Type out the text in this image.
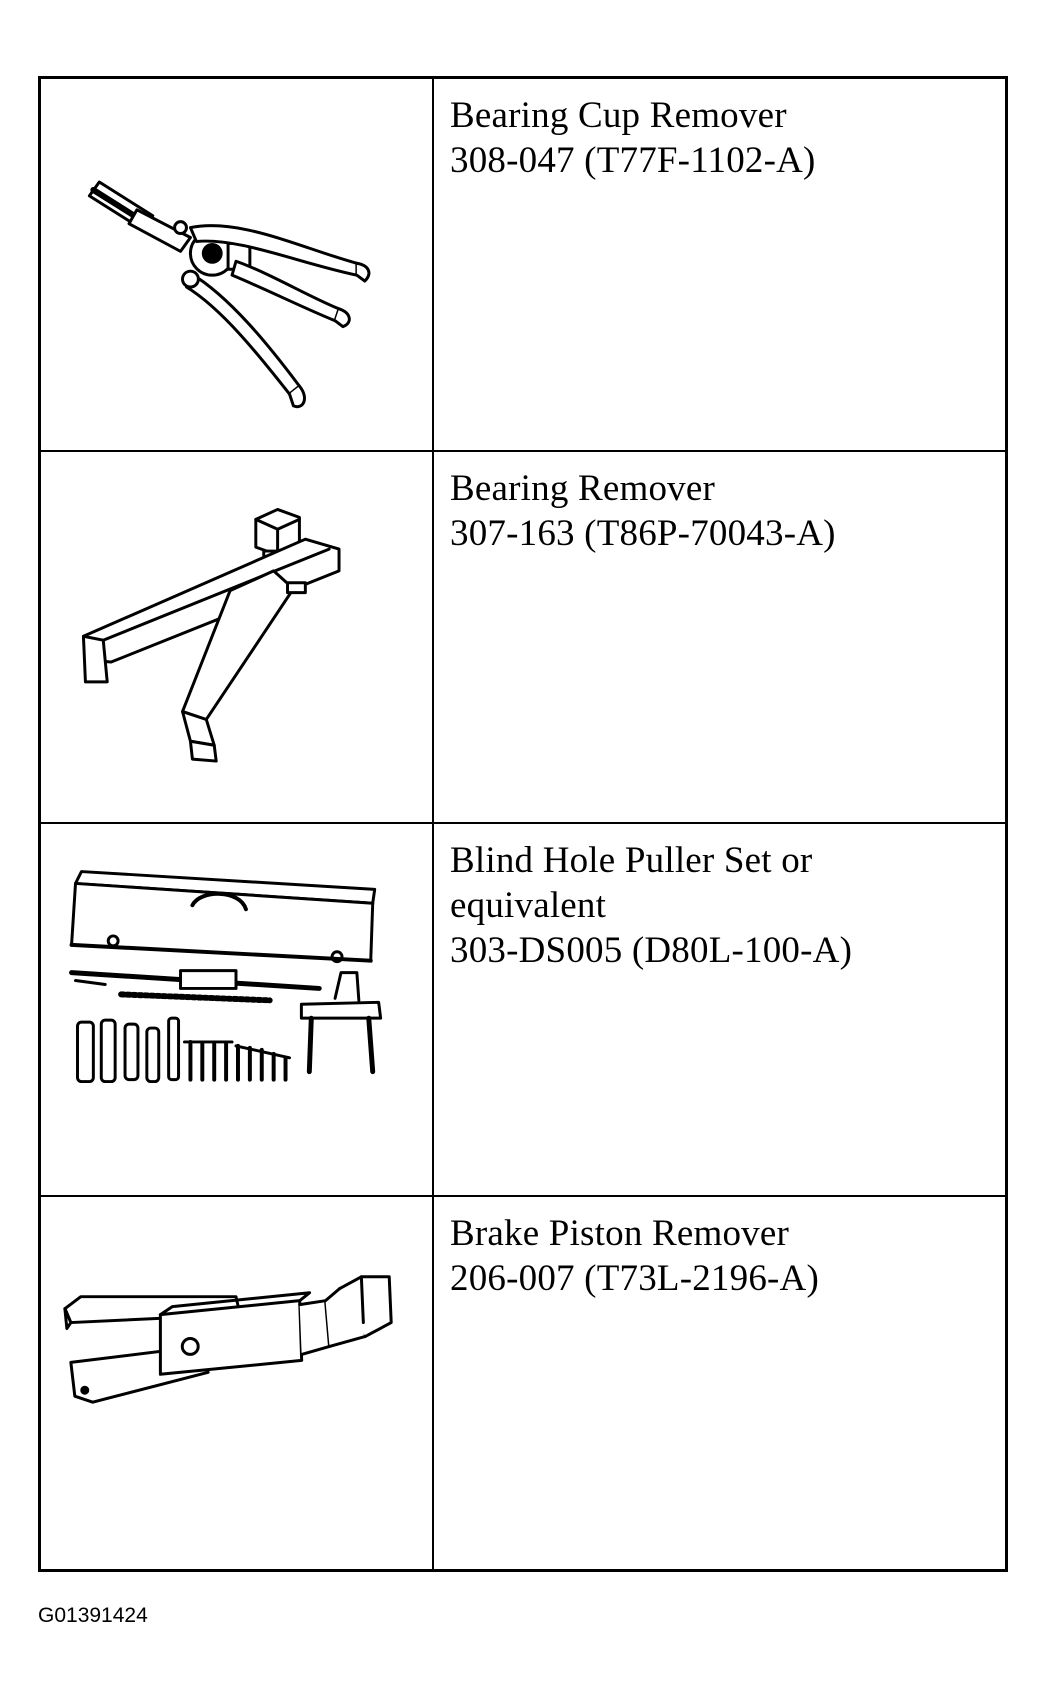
Bearing Cup Remover
308-047 (T77F-1102-A)
Bearing Remover
307-163 (T86P-70043-A)
Blind Hole Puller Set or
equivalent
303-DS005 (D80L-100-A)
Brake Piston Remover
206-007 (T73L-2196-A)
G01391424
